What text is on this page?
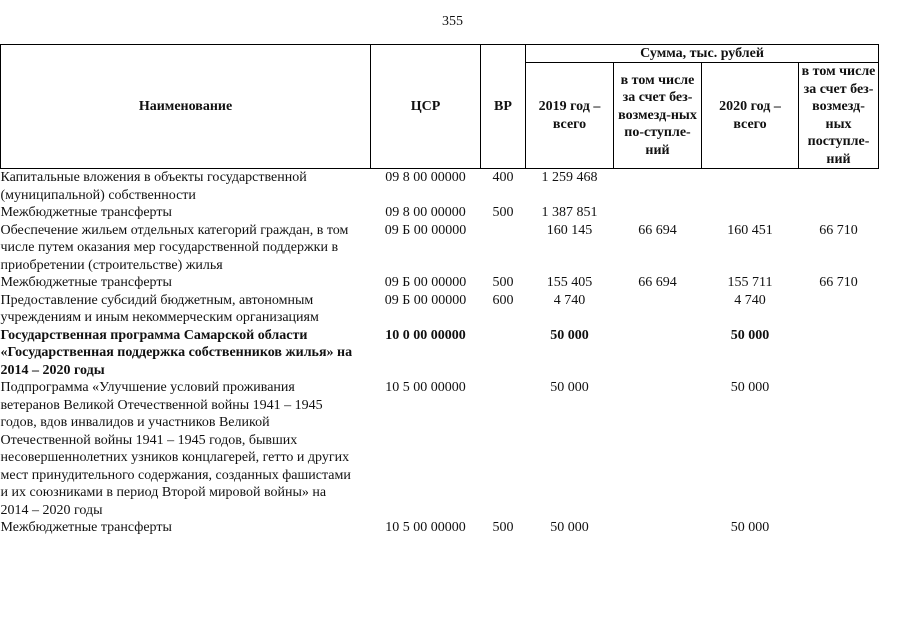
355
Наименование	ЦСР	ВР	Сумма, тыс. рублей			
			2019 год – всего	в том числе за счет без-возмезд-ных по-ступле-ний	2020 год – всего	в том числе за счет без-возмезд-ных поступле-ний
Капитальные вложения в объекты государственной (муниципальной) собственности	09 8 00 00000	400	1 259 468			
Межбюджетные трансферты	09 8 00 00000	500	1 387 851			
Обеспечение жильем отдельных категорий граждан, в том числе путем оказания мер государственной поддержки в приобретении (строительстве) жилья	09 Б 00 00000		160 145	66 694	160 451	66 710
Межбюджетные трансферты	09 Б 00 00000	500	155 405	66 694	155 711	66 710
Предоставление субсидий бюджетным, автономным учреждениям и иным некоммерческим организациям	09 Б 00 00000	600	4 740		4 740	
Государственная программа Самарской области «Государственная поддержка собственников жилья» на 2014 – 2020 годы	10 0 00 00000		50 000		50 000	
Подпрограмма «Улучшение условий проживания ветеранов Великой Отечественной войны 1941 – 1945 годов, вдов инвалидов и участников Великой Отечественной войны 1941 – 1945 годов, бывших несовершеннолетних узников концлагерей, гетто и других мест принудительного содержания, созданных фашистами и их союзниками в период Второй мировой войны» на 2014 – 2020 годы	10 5 00 00000		50 000		50 000	
Межбюджетные трансферты	10 5 00 00000	500	50 000		50 000	
